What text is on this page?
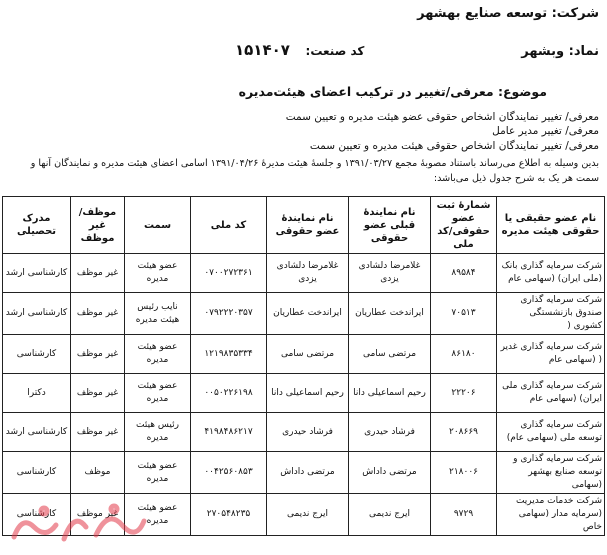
شرکت: توسعه صنایع بهشهر
نماد: وبشهر
کد صنعت: ۱۵۱۴۰۷
موضوع: معرفی/تغییر در ترکیب اعضای هیئت‌مدیره
معرفی/ تغییر نمایندگان اشخاص حقوقی عضو هیئت مدیره و تعیین سمت
معرفی/ تغییر مدیر عامل
معرفی/ تغییر نمایندگان اشخاص حقوقی هیئت مدیره و تعیین سمت
بدین وسیله به اطلاع می‌رساند باستناد مصوبهٔ مجمع ۱۳۹۱/۰۳/۲۷ و جلسهٔ هیئت مدیرهٔ ۱۳۹۱/۰۴/۲۶ اسامی اعضای هیئت مدیره و نمایندگان آنها و سمت هر یک به شرح جدول ذیل می‌باشد:
نام عضو حقیقی یا حقوقی هیئت مدیره	شمارهٔ ثبت عضو حقوقی/کد ملی	نام نمایندهٔ قبلی عضو حقوقی	نام نمایندهٔ عضو حقوقی	کد ملی	سمت	موظف/غیر موظف	مدرک تحصیلی
شرکت سرمایه گذاری بانک (ملی ایران) (سهامی عام	۸۹۵۸۴	غلامرضا دلشادی یزدی	غلامرضا دلشادی یزدی	۰۷۰۰۲۷۲۳۶۱	عضو هیئت مدیره	غیر موظف	کارشناسی ارشد
شرکت سرمایه گذاری صندوق بازنشستگی کشوری (	۷۰۵۱۳	ایراندخت عطاریان	ایراندخت عطاریان	۰۷۹۲۲۲۰۳۵۷	نایب رئیس هیئت مدیره	غیر موظف	کارشناسی ارشد
شرکت سرمایه گذاری غدیر ( (سهامی عام	۸۶۱۸۰	مرتضی سامی	مرتضی سامی	۱۲۱۹۸۳۵۳۳۴	عضو هیئت مدیره	غیر موظف	کارشناسی
شرکت سرمایه گذاری ملی ایران) (سهامی عام	۲۲۲۰۶	رحیم اسماعیلی دانا	رحیم اسماعیلی دانا	۰۰۵۰۲۲۶۱۹۸	عضو هیئت مدیره	غیر موظف	دکترا
شرکت سرمایه گذاری توسعه ملی (سهامی عام)	۲۰۸۶۶۹	فرشاد حیدری	فرشاد حیدری	۴۱۹۸۴۸۶۲۱۷	رئیس هیئت مدیره	غیر موظف	کارشناسی ارشد
شرکت سرمایه گذاری و توسعه صنایع بهشهر (سهامی	۲۱۸۰۰۶	مرتضی داداش	مرتضی داداش	۰۰۴۲۵۶۰۸۵۳	عضو هیئت مدیره	موظف	کارشناسی
شرکت خدمات مدیریت (سرمایه مدار (سهامی خاص	۹۷۲۹	ایرج ندیمی	ایرج ندیمی	۲۷۰۵۴۸۲۳۵	عضو هیئت مدیره	غیر موظف	کارشناسی
